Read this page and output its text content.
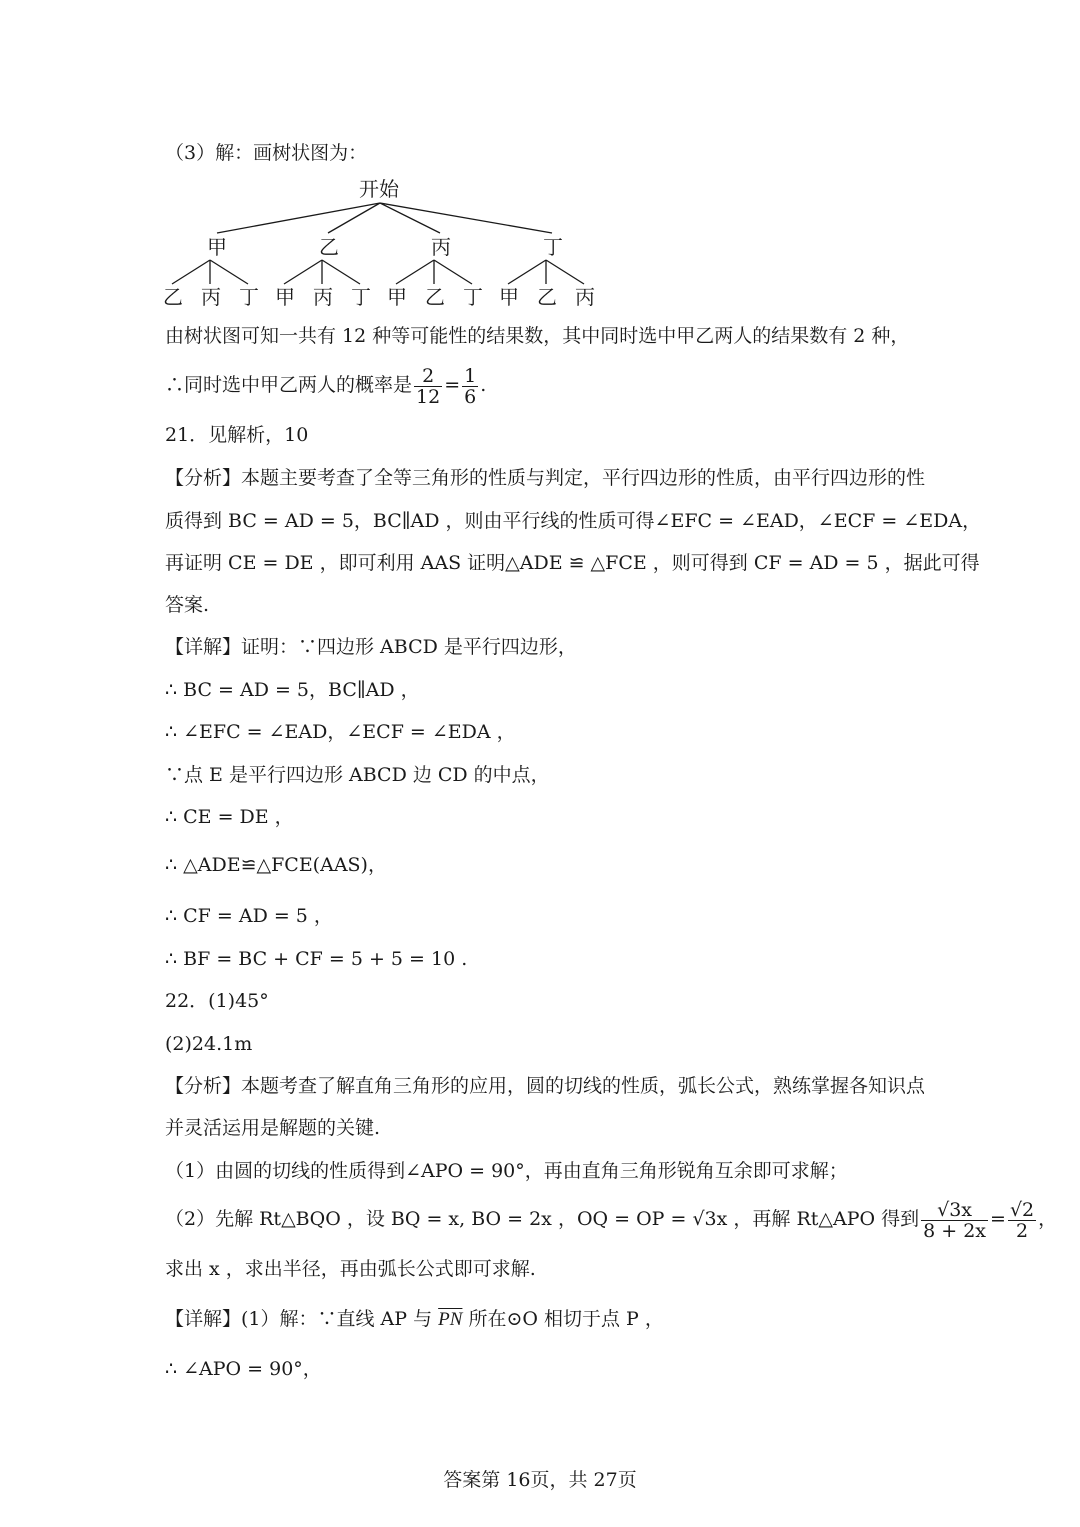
（3）解：画树状图为：
开始
甲	乙	丙	丁
乙 丙 丁 甲 丙 丁 甲 乙 丁 甲 乙 丙
由树状图可知一共有 12 种等可能性的结果数，其中同时选中甲乙两人的结果数有 2 种，
∴同时选中甲乙两人的概率是 $\frac{2}{12} = \frac{1}{6}$ .
21．见解析，10
【分析】本题主要考查了全等三角形的性质与判定，平行四边形的性质，由平行四边形的性
质得到 BC = AD = 5，BC∥AD ，则由平行线的性质可得∠EFC = ∠EAD，∠ECF = ∠EDA，
再证明 CE = DE ，即可利用 AAS 证明△ADE ≌ △FCE ，则可得到 CF = AD = 5 ，据此可得
答案.
【详解】证明：∵四边形 ABCD 是平行四边形，
∴ BC = AD = 5，BC∥AD ，
∴ ∠EFC = ∠EAD，∠ECF = ∠EDA ，
∵点 E 是平行四边形 ABCD 边 CD 的中点，
∴ CE = DE ，
∴ △ADE≌△FCE(AAS)，
∴ CF = AD = 5 ，
∴ BF = BC + CF = 5 + 5 = 10 .
22．(1)45°
(2)24.1m
【分析】本题考查了解直角三角形的应用，圆的切线的性质，弧长公式，熟练掌握各知识点
并灵活运用是解题的关键.
（1）由圆的切线的性质得到∠APO = 90°，再由直角三角形锐角互余即可求解；
（2）先解 Rt△BQO ，设 BQ = x, BO = 2x ，OQ = OP = √3x ，再解 Rt△APO 得到 $\frac{√3x}{8 + 2x} = \frac{√2}{2}$ ，
求出 x ，求出半径，再由弧长公式即可求解.
【详解】(1）解：∵直线 AP 与 $\overline{PN}$ 所在⊙O 相切于点 P ，
∴ ∠APO = 90°，
答案第 16页，共 27页
